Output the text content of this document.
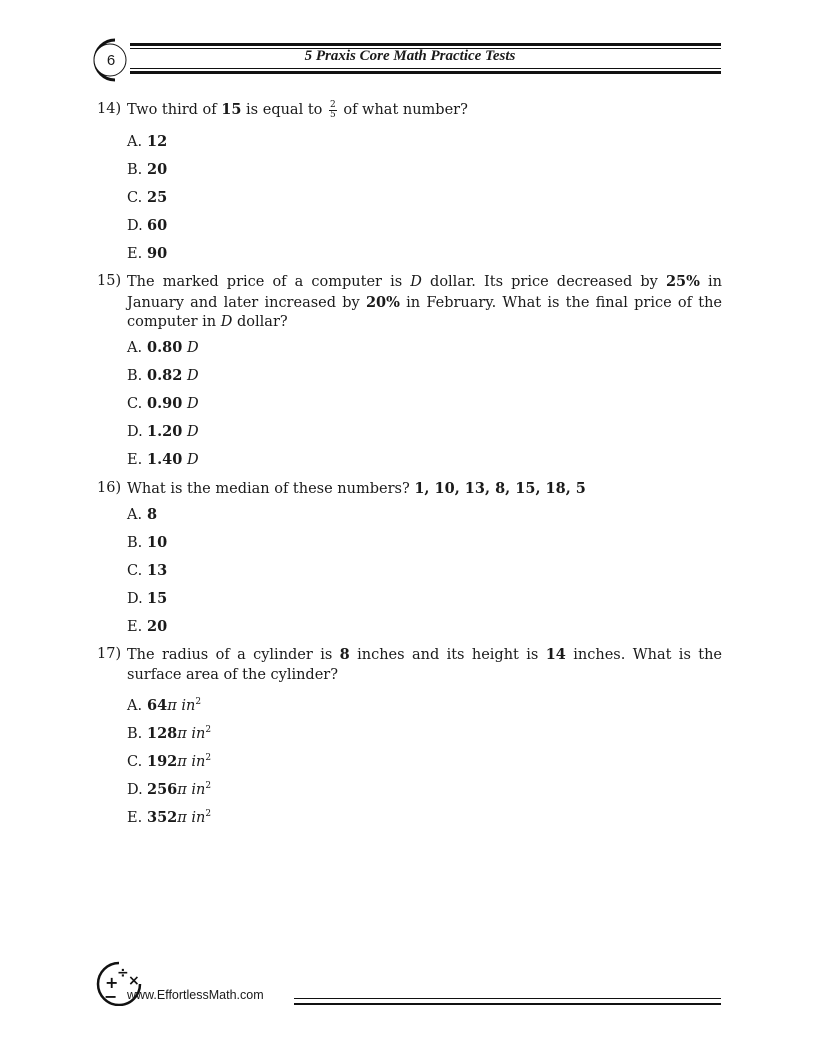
6	5 Praxis Core Math Practice Tests
14) Two third of 15 is equal to $\frac{2}{5}$ of what number?
A. 12
B. 20
C. 25
D. 60
E. 90
15) The marked price of a computer is D dollar. Its price decreased by 25% in January and later increased by 20% in February. What is the final price of the computer in D dollar?
A. 0.80 D
B. 0.82 D
C. 0.90 D
D. 1.20 D
E. 1.40 D
16) What is the median of these numbers? 1, 10, 13, 8, 15, 18, 5
A. 8
B. 10
C. 13
D. 15
E. 20
17) The radius of a cylinder is 8 inches and its height is 14 inches. What is the surface area of the cylinder?
A. 64π $in^2$
B. 128π $in^2$
C. 192π $in^2$
D. 256π $in^2$
E. 352π $in^2$
+
÷ ×
− www.EffortlessMath.com
